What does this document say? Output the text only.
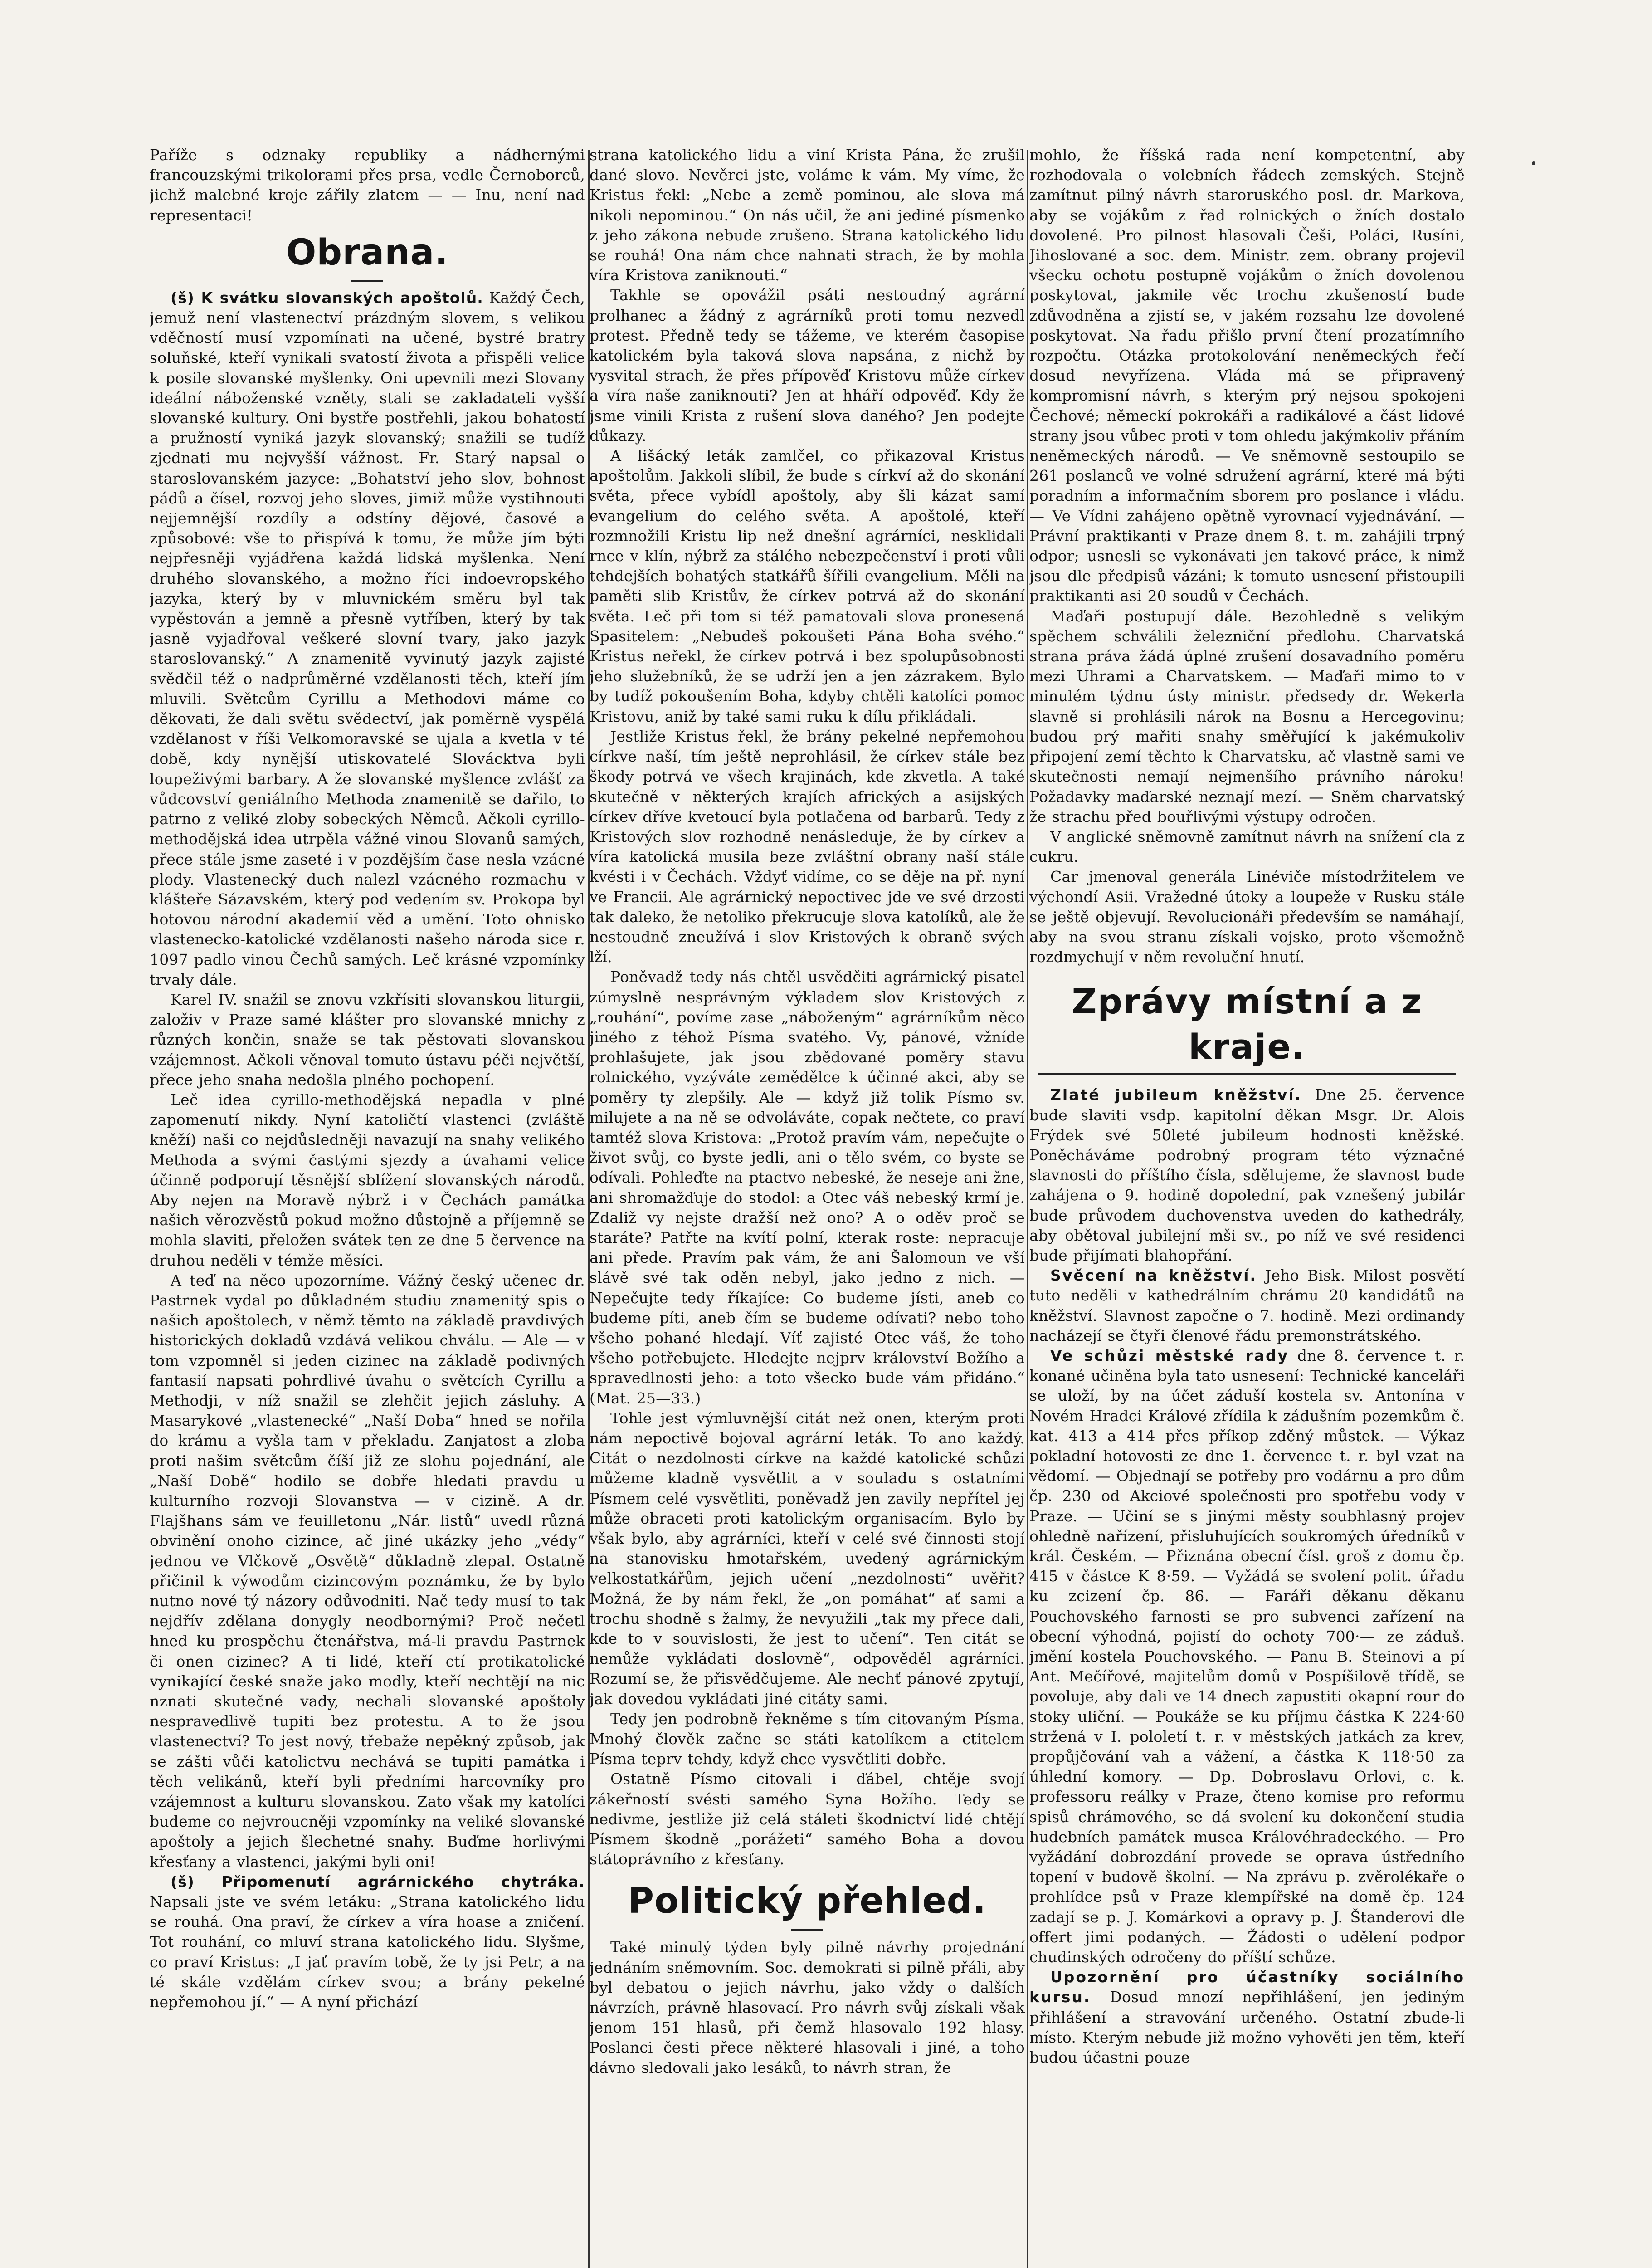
Paříže s odznaky republiky a nádhernými francouzskými trikolorami přes prsa, vedle Černoborců, jichž malebné kroje zářily zlatem — — Inu, není nad representaci!

Obrana.

(š) K svátku slovanských apoštolů. Každý Čech, jemuž není vlastenectví prázdným slovem, s velikou vděčností musí vzpomínati na učené, bystré bratry soluňské, kteří vynikali svatostí života a přispěli velice k posile slovanské myšlenky. Oni upevnili mezi Slovany ideální náboženské vzněty, stali se zakladateli vyšší slovanské kultury. Oni bystře postřehli, jakou bohatostí a pružností vyniká jazyk slovanský; snažili se tudíž zjednati mu nejvyšší vážnost. Fr. Starý napsal o staroslovanském jazyce: „Bohatství jeho slov, bohnost pádů a čísel, rozvoj jeho sloves, jimiž může vystihnouti nejjemnější rozdíly a odstíny dějové, časové a způsobové: vše to přispívá k tomu, že může jím býti nejpřesněji vyjádřena každá lidská myšlenka. Není druhého slovanského, a možno říci indoevropského jazyka, který by v mluvnickém směru byl tak vypěstován a jemně a přesně vytříben, který by tak jasně vyjadřoval veškeré slovní tvary, jako jazyk staroslovanský.“ A znamenitě vyvinutý jazyk zajisté svědčil též o nadprůměrné vzdělanosti těch, kteří jím mluvili. Světcům Cyrillu a Methodovi máme co děkovati, že dali světu svědectví, jak poměrně vyspělá vzdělanost v říši Velkomoravské se ujala a kvetla v té době, kdy nynější utiskovatelé Slovácktva byli loupeživými barbary. A že slovanské myšlence zvlášť za vůdcovství geniálního Methoda znamenitě se dařilo, to patrno z veliké zloby sobeckých Němců. Ačkoli cyrillo-methodějská idea utrpěla vážné vinou Slovanů samých, přece stále jsme zaseté i v pozdějším čase nesla vzácné plody. Vlastenecký duch nalezl vzácného rozmachu v klášteře Sázavském, který pod vedením sv. Prokopa byl hotovou národní akademií věd a umění. Toto ohnisko vlastenecko-katolické vzdělanosti našeho národa sice r. 1097 padlo vinou Čechů samých. Leč krásné vzpomínky trvaly dále.

Karel IV. snažil se znovu vzkřísiti slovanskou liturgii, založiv v Praze samé klášter pro slovanské mnichy z různých končin, snaže se tak pěstovati slovanskou vzájemnost. Ačkoli věnoval tomuto ústavu péči největší, přece jeho snaha nedošla plného pochopení.

Leč idea cyrillo-methodějská nepadla v plné zapomenutí nikdy. Nyní katoličtí vlastenci (zvláště kněží) naši co nejdůsledněji navazují na snahy velikého Methoda a svými častými sjezdy a úvahami velice účinně podporují těsnější sblížení slovanských národů. Aby nejen na Moravě nýbrž i v Čechách památka našich věrozvěstů pokud možno důstojně a příjemně se mohla slaviti, přeložen svátek ten ze dne 5 července na druhou neděli v témže měsíci.

A teď na něco upozorníme. Vážný český učenec dr. Pastrnek vydal po důkladném studiu znamenitý spis o našich apoštolech, v němž těmto na základě pravdivých historických dokladů vzdává velikou chválu. — Ale — v tom vzpomněl si jeden cizinec na základě podivných fantasií napsati pohrdlivé úvahu o světcích Cyrillu a Methodji, v níž snažil se zlehčit jejich zásluhy. A Masarykové „vlastenecké“ „Naší Doba“ hned se nořila do krámu a vyšla tam v překladu. Zanjatost a zloba proti našim světcům číší již ze slohu pojednání, ale „Naší Době“ hodilo se dobře hledati pravdu u kulturního rozvoji Slovanstva — v cizině. A dr. Flajšhans sám ve feuilletonu „Nár. listů“ uvedl různá obvinění onoho cizince, ač jiné ukázky jeho „védy“ jednou ve Vlčkově „Osvětě“ důkladně zlepal. Ostatně přičinil k výwodům cizincovým poznámku, že by bylo nutno nové tý názory odůvodniti. Nač tedy musí to tak nejdřív zdělana donygly neodbornými? Proč nečetl hned ku prospěchu čtenářstva, má-li pravdu Pastrnek či onen cizinec? A ti lidé, kteří ctí protikatolické vynikající české snaže jako modly, kteří nechtějí na nic nznati skutečné vady, nechali slovanské apoštoly nespravedlivě tupiti bez protestu. A to že jsou vlastenectví? To jest nový, třebaže nepěkný způsob, jak se zášti vůči katolictvu nechává se tupiti památka i těch velikánů, kteří byli předními harcovníky pro vzájemnost a kulturu slovanskou. Zato však my katolíci budeme co nejvroucněji vzpomínky na veliké slovanské apoštoly a jejich šlechetné snahy. Buďme horlivými křesťany a vlastenci, jakými byli oni!

(š) Připomenutí agrárnického chytráka. Napsali jste ve svém letáku: „Strana katolického lidu se rouhá. Ona praví, že církev a víra hoase a zničení. Tot rouhání, co mluví strana katolického lidu. Slyšme, co praví Kristus: „I jať pravím tobě, že ty jsi Petr, a na té skále vzdělám církev svou; a brány pekelné nepřemohou jí.“ — A nyní přichází

strana katolického lidu a viní Krista Pána, že zrušil dané slovo. Nevěrci jste, voláme k vám. My víme, že Kristus řekl: „Nebe a země pominou, ale slova má nikoli nepominou.“ On nás učil, že ani jediné písmenko z jeho zákona nebude zrušeno. Strana katolického lidu se rouhá! Ona nám chce nahnati strach, že by mohla víra Kristova zaniknouti.“

Takhle se opovážil psáti nestoudný agrární prolhanec a žádný z agrárníků proti tomu nezvedl protest. Předně tedy se tážeme, ve kterém časopise katolickém byla taková slova napsána, z nichž by vysvital strach, že přes přípověď Kristovu může církev a víra naše zaniknouti? Jen at hháří odpověď. Kdy že jsme vinili Krista z rušení slova daného? Jen podejte důkazy.

A lišácký leták zamlčel, co přikazoval Kristus apoštolům. Jakkoli slíbil, že bude s církví až do skonání světa, přece vybídl apoštoly, aby šli kázat samí evangelium do celého světa. A apoštolé, kteří rozmnožili Kristu lip než dnešní agrárníci, nesklidali rnce v klín, nýbrž za stálého nebezpečenství i proti vůli tehdejších bohatých statkářů šířili evangelium. Měli na paměti slib Kristův, že církev potrvá až do skonání světa. Leč při tom si též pamatovali slova pronesená Spasitelem: „Nebudeš pokoušeti Pána Boha svého.“ Kristus neřekl, že církev potrvá i bez spolupůsobnosti jeho služebníků, že se udrží jen a jen zázrakem. Bylo by tudíž pokoušením Boha, kdyby chtěli katolíci pomoc Kristovu, aniž by také sami ruku k dílu přikládali.

Jestliže Kristus řekl, že brány pekelné nepřemohou církve naší, tím ještě neprohlásil, že církev stále bez škody potrvá ve všech krajinách, kde zkvetla. A také skutečně v některých krajích afrických a asijských církev dříve kvetoucí byla potlačena od barbarů. Tedy z Kristových slov rozhodně nenásleduje, že by církev a víra katolická musila beze zvláštní obrany naší stále kvésti i v Čechách. Vždyť vidíme, co se děje na př. nyní ve Francii. Ale agrárnický nepoctivec jde ve své drzosti tak daleko, že netoliko překrucuje slova katolíků, ale že nestoudně zneužívá i slov Kristových k obraně svých lží.

Poněvadž tedy nás chtěl usvědčiti agrárnický pisatel zúmyslně nesprávným výkladem slov Kristových z „rouhání“, povíme zase „náboženým“ agrárníkům něco jiného z téhož Písma svatého. Vy, pánové, vžníde prohlašujete, jak jsou zbědované poměry stavu rolnického, vyzýváte zemědělce k účinné akci, aby se poměry ty zlepšily. Ale — když již tolik Písmo sv. milujete a na ně se odvoláváte, copak nečtete, co praví tamtéž slova Kristova: „Protož pravím vám, nepečujte o život svůj, co byste jedli, ani o tělo svém, co byste se odívali. Pohleďte na ptactvo nebeské, že neseje ani žne, ani shromažďuje do stodol: a Otec váš nebeský krmí je. Zdaliž vy nejste dražší než ono? A o oděv proč se staráte? Patřte na kvítí polní, kterak roste: nepracuje ani přede. Pravím pak vám, že ani Šalomoun ve vší slávě své tak oděn nebyl, jako jedno z nich. — Nepečujte tedy říkajíce: Co budeme jísti, aneb co budeme píti, aneb čím se budeme odívati? nebo toho všeho pohané hledají. Víť zajisté Otec váš, že toho všeho potřebujete. Hledejte nejprv království Božího a spravedlnosti jeho: a toto všecko bude vám přidáno.“ (Mat. 25—33.)

Tohle jest výmluvnější citát než onen, kterým proti nám nepoctivě bojoval agrární leták. To ano každý. Citát o nezdolnosti církve na každé katolické schůzi můžeme kladně vysvětlit a v souladu s ostatními Písmem celé vysvětliti, poněvadž jen zavily nepřítel jej může obraceti proti katolickým organisacím. Bylo by však bylo, aby agrárníci, kteří v celé své činnosti stojí na stanovisku hmotařském, uvedený agrárnickým velkostatkářům, jejich učení „nezdolnosti“ uvěřit? Možná, že by nám řekl, že „on pomáhat“ ať sami a trochu shodně s žalmy, že nevyužili „tak my přece dali, kde to v souvislosti, že jest to učení“. Ten citát se nemůže vykládati doslovně“, odpověděl agrárníci. Rozumí se, že přisvědčujeme. Ale nechť pánové zpytují, jak dovedou vykládati jiné citáty sami.

Tedy jen podrobně řekněme s tím citovaným Písma. Mnohý člověk začne se státi katolíkem a ctitelem Písma teprv tehdy, když chce vysvětliti dobře.

Ostatně Písmo citovali i ďábel, chtěje svojí zákeřností svésti samého Syna Božího. Tedy se nedivme, jestliže již celá stáleti škodnictví lidé chtějí Písmem škodně „porážeti“ samého Boha a dovou státoprávního z křesťany.

Politický přehled.

Také minulý týden byly pilně návrhy projednání jednáním sněmovním. Soc. demokrati si pilně přáli, aby byl debatou o jejich návrhu, jako vždy o dalších návrzích, právně hlasovací. Pro návrh svůj získali však jenom 151 hlasů, při čemž hlasovalo 192 hlasy. Poslanci česti přece některé hlasovali i jiné, a toho dávno sledovali jako lesáků, to návrh stran, že

mohlo, že říšská rada není kompetentní, aby rozhodovala o volebních řádech zemských. Stejně zamítnut pilný návrh staroruského posl. dr. Markova, aby se vojákům z řad rolnických o žních dostalo dovolené. Pro pilnost hlasovali Češi, Poláci, Rusíni, Jihoslované a soc. dem. Ministr. zem. obrany projevil všecku ochotu postupně vojákům o žních dovolenou poskytovat, jakmile věc trochu zkušeností bude zdůvodněna a zjistí se, v jakém rozsahu lze dovolené poskytovat. Na řadu přišlo první čtení prozatímního rozpočtu. Otázka protokolování neněmeckých řečí dosud nevyřízena. Vláda má se připravený kompromisní návrh, s kterým prý nejsou spokojeni Čechové; německí pokrokáři a radikálové a část lidové strany jsou vůbec proti v tom ohledu jakýmkoliv přáním neněmeckých národů. — Ve sněmovně sestoupilo se 261 poslanců ve volné sdružení agrární, které má býti poradním a informačním sborem pro poslance i vládu. — Ve Vídni zahájeno opětně vyrovnací vyjednávání. — Právní praktikanti v Praze dnem 8. t. m. zahájili trpný odpor; usnesli se vykonávati jen takové práce, k nimž jsou dle předpisů vázáni; k tomuto usnesení přistoupili praktikanti asi 20 soudů v Čechách.

Maďaři postupují dále. Bezohledně s velikým spěchem schválili železniční předlohu. Charvatská strana práva žádá úplné zrušení dosavadního poměru mezi Uhrami a Charvatskem. — Maďaři mimo to v minulém týdnu ústy ministr. předsedy dr. Wekerla slavně si prohlásili nárok na Bosnu a Hercegovinu; budou prý mařiti snahy směřující k jakémukoliv připojení zemí těchto k Charvatsku, ač vlastně sami ve skutečnosti nemají nejmenšího právního nároku! Požadavky maďarské neznají mezí. — Sněm charvatský že strachu před bouřlivými výstupy odročen.

V anglické sněmovně zamítnut návrh na snížení cla z cukru.

Car jmenoval generála Linéviče místodržitelem ve výchondí Asii. Vražedné útoky a loupeže v Rusku stále se ještě objevují. Revolucionáři především se namáhají, aby na svou stranu získali vojsko, proto všemožně rozdmychují v něm revoluční hnutí.

Zprávy místní a z kraje.

Zlaté jubileum kněžství. Dne 25. července bude slaviti vsdp. kapitolní děkan Msgr. Dr. Alois Frýdek své 50leté jubileum hodnosti kněžské. Poněcháváme podrobný program této význačné slavnosti do příštího čísla, sdělujeme, že slavnost bude zahájena o 9. hodině dopolední, pak vznešený jubilár bude průvodem duchovenstva uveden do kathedrály, aby obětoval jubilejní mši sv., po níž ve své residenci bude přijímati blahopřání.

Svěcení na kněžství. Jeho Bisk. Milost posvětí tuto neděli v kathedrálním chrámu 20 kandidátů na kněžství. Slavnost započne o 7. hodině. Mezi ordinandy nacházejí se čtyři členové řádu premonstrátského.

Ve schůzi městské rady dne 8. července t. r. konané učiněna byla tato usnesení: Technické kanceláři se uloží, by na účet záduší kostela sv. Antonína v Novém Hradci Králové zřídila k zádušním pozemkům č. kat. 413 a 414 přes příkop zděný můstek. — Výkaz pokladní hotovosti ze dne 1. července t. r. byl vzat na vědomí. — Objednají se potřeby pro vodárnu a pro dům čp. 230 od Akciové společnosti pro spotřebu vody v Praze. — Učiní se s jinými městy soubhlasný projev ohledně nařízení, přisluhujících soukromých úředníků v král. Českém. — Přiznána obecní čísl. groš z domu čp. 415 v částce K 8·59. — Vyžádá se svolení polit. úřadu ku zcizení čp. 86. — Faráři děkanu děkanu Pouchovského farnosti se pro subvenci zařízení na obecní výhodná, pojistí do ochoty 700·— ze záduš. jmění kostela Pouchovského. — Panu B. Steinovi a pí Ant. Mečířové, majitelům domů v Pospíšilově třídě, se povoluje, aby dali ve 14 dnech zapustiti okapní rour do stoky uliční. — Poukáže se ku příjmu částka K 224·60 stržená v I. pololetí t. r. v městských jatkách za krev, propůjčování vah a vážení, a částka K 118·50 za úhlední komory. — Dp. Dobroslavu Orlovi, c. k. professoru reálky v Praze, čteno komise pro reformu spisů chrámového, se dá svolení ku dokončení studia hudebních památek musea Královéhradeckého. — Pro vyžádání dobrozdání provede se oprava ústředního topení v budově školní. — Na zprávu p. zvěrolékaře o prohlídce psů v Praze klempířské na domě čp. 124 zadají se p. J. Komárkovi a opravy p. J. Štanderovi dle offert jimi podaných. — Žádosti o udělení podpor chudinských odročeny do příští schůze.

Upozornění pro účastníky sociálního kursu. Dosud mnozí nepřihlášení, jen jediným přihlášení a stravování určeného. Ostatní zbude-li místo. Kterým nebude již možno vyhověti jen těm, kteří budou účastni pouze
